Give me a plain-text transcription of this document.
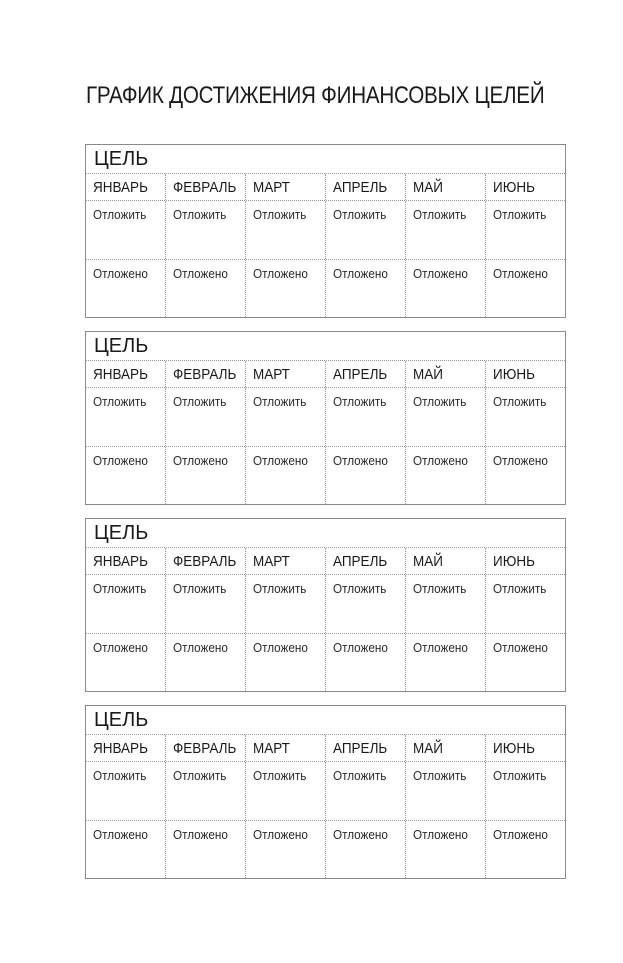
ГРАФИК ДОСТИЖЕНИЯ ФИНАНСОВЫХ ЦЕЛЕЙ
ЦЕЛЬ
ЯНВАРЬ	ФЕВРАЛЬ	МАРТ	АПРЕЛЬ	МАЙ	ИЮНЬ
Отложить	Отложить	Отложить	Отложить	Отложить	Отложить
Отложено	Отложено	Отложено	Отложено	Отложено	Отложено
ЦЕЛЬ
ЯНВАРЬ	ФЕВРАЛЬ	МАРТ	АПРЕЛЬ	МАЙ	ИЮНЬ
Отложить	Отложить	Отложить	Отложить	Отложить	Отложить
Отложено	Отложено	Отложено	Отложено	Отложено	Отложено
ЦЕЛЬ
ЯНВАРЬ	ФЕВРАЛЬ	МАРТ	АПРЕЛЬ	МАЙ	ИЮНЬ
Отложить	Отложить	Отложить	Отложить	Отложить	Отложить
Отложено	Отложено	Отложено	Отложено	Отложено	Отложено
ЦЕЛЬ
ЯНВАРЬ	ФЕВРАЛЬ	МАРТ	АПРЕЛЬ	МАЙ	ИЮНЬ
Отложить	Отложить	Отложить	Отложить	Отложить	Отложить
Отложено	Отложено	Отложено	Отложено	Отложено	Отложено
